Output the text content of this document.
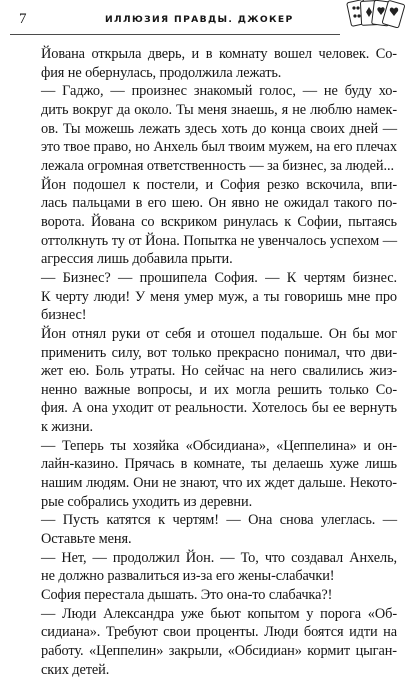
7	ИЛЛЮЗИЯ ПРАВДЫ. ДЖОКЕР

Йована открыла дверь, и в комнату вошел человек. Со-
фия не обернулась, продолжила лежать.

— Гаджо, — произнес знакомый голос, — не буду хо-
дить вокруг да около. Ты меня знаешь, я не люблю намек-
ов. Ты можешь лежать здесь хоть до конца своих дней —
это твое право, но Анхель был твоим мужем, на его плечах
лежала огромная ответственность — за бизнес, за людей...

Йон подошел к постели, и София резко вскочила, впи-
лась пальцами в его шею. Он явно не ожидал такого по-
ворота. Йована со вскриком ринулась к Софии, пытаясь
оттолкнуть ту от Йона. Попытка не увенчалось успехом —
агрессия лишь добавила прыти.

— Бизнес? — прошипела София. — К чертям бизнес.
К черту люди! У меня умер муж, а ты говоришь мне про
бизнес!

Йон отнял руки от себя и отошел подальше. Он бы мог
применить силу, вот только прекрасно понимал, что дви-
жет ею. Боль утраты. Но сейчас на него свалились жиз-
ненно важные вопросы, и их могла решить только Со-
фия. А она уходит от реальности. Хотелось бы ее вернуть
к жизни.

— Теперь ты хозяйка «Обсидиана», «Цеппелина» и он-
лайн-казино. Прячась в комнате, ты делаешь хуже лишь
нашим людям. Они не знают, что их ждет дальше. Некото-
рые собрались уходить из деревни.

— Пусть катятся к чертям! — Она снова улеглась. —
Оставьте меня.

— Нет, — продолжил Йон. — То, что создавал Анхель,
не должно развалиться из-за его жены-слабачки!

София перестала дышать. Это она-то слабачка?!

— Люди Александра уже бьют копытом у порога «Об-
сидиана». Требуют свои проценты. Люди боятся идти на
работу. «Цеппелин» закрыли, «Обсидиан» кормит цыган-
ских детей.
